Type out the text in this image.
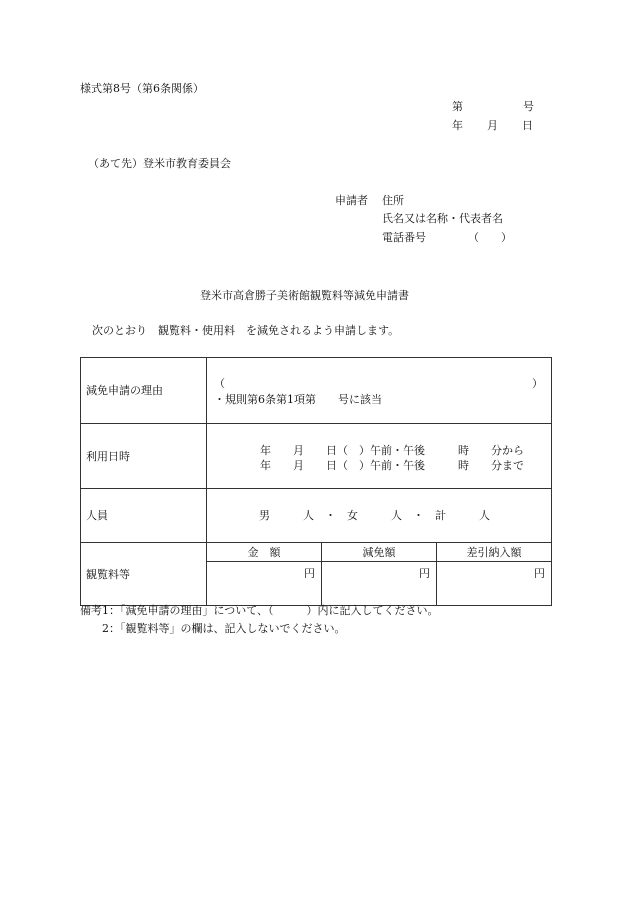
様式第8号（第6条関係）
第	号
年 月 日
（あて先）登米市教育委員会
申請者 住所
氏名又は名称・代表者名
電話番号	（　　）
登米市高倉勝子美術館観覧料等減免申請書
次のとおり　観覧料・使用料　を減免されるよう申請します。
減免申請の理由	（ ）
・規則第6条第1項第　　号に該当		

利用日時	年　　月　　日（　）午前・午後　　　時　　分から
年　　月　　日（　）午前・午後　　　時　　分まで		

人員	男　　　人　・　女　　　人　・　計　　　人		

観覧料等	金　額	減免額	差引納入額
	円	円	円
備考1：「減免申請の理由」について、（　　　）内に記入してください。
2：「観覧料等」の欄は、記入しないでください。
